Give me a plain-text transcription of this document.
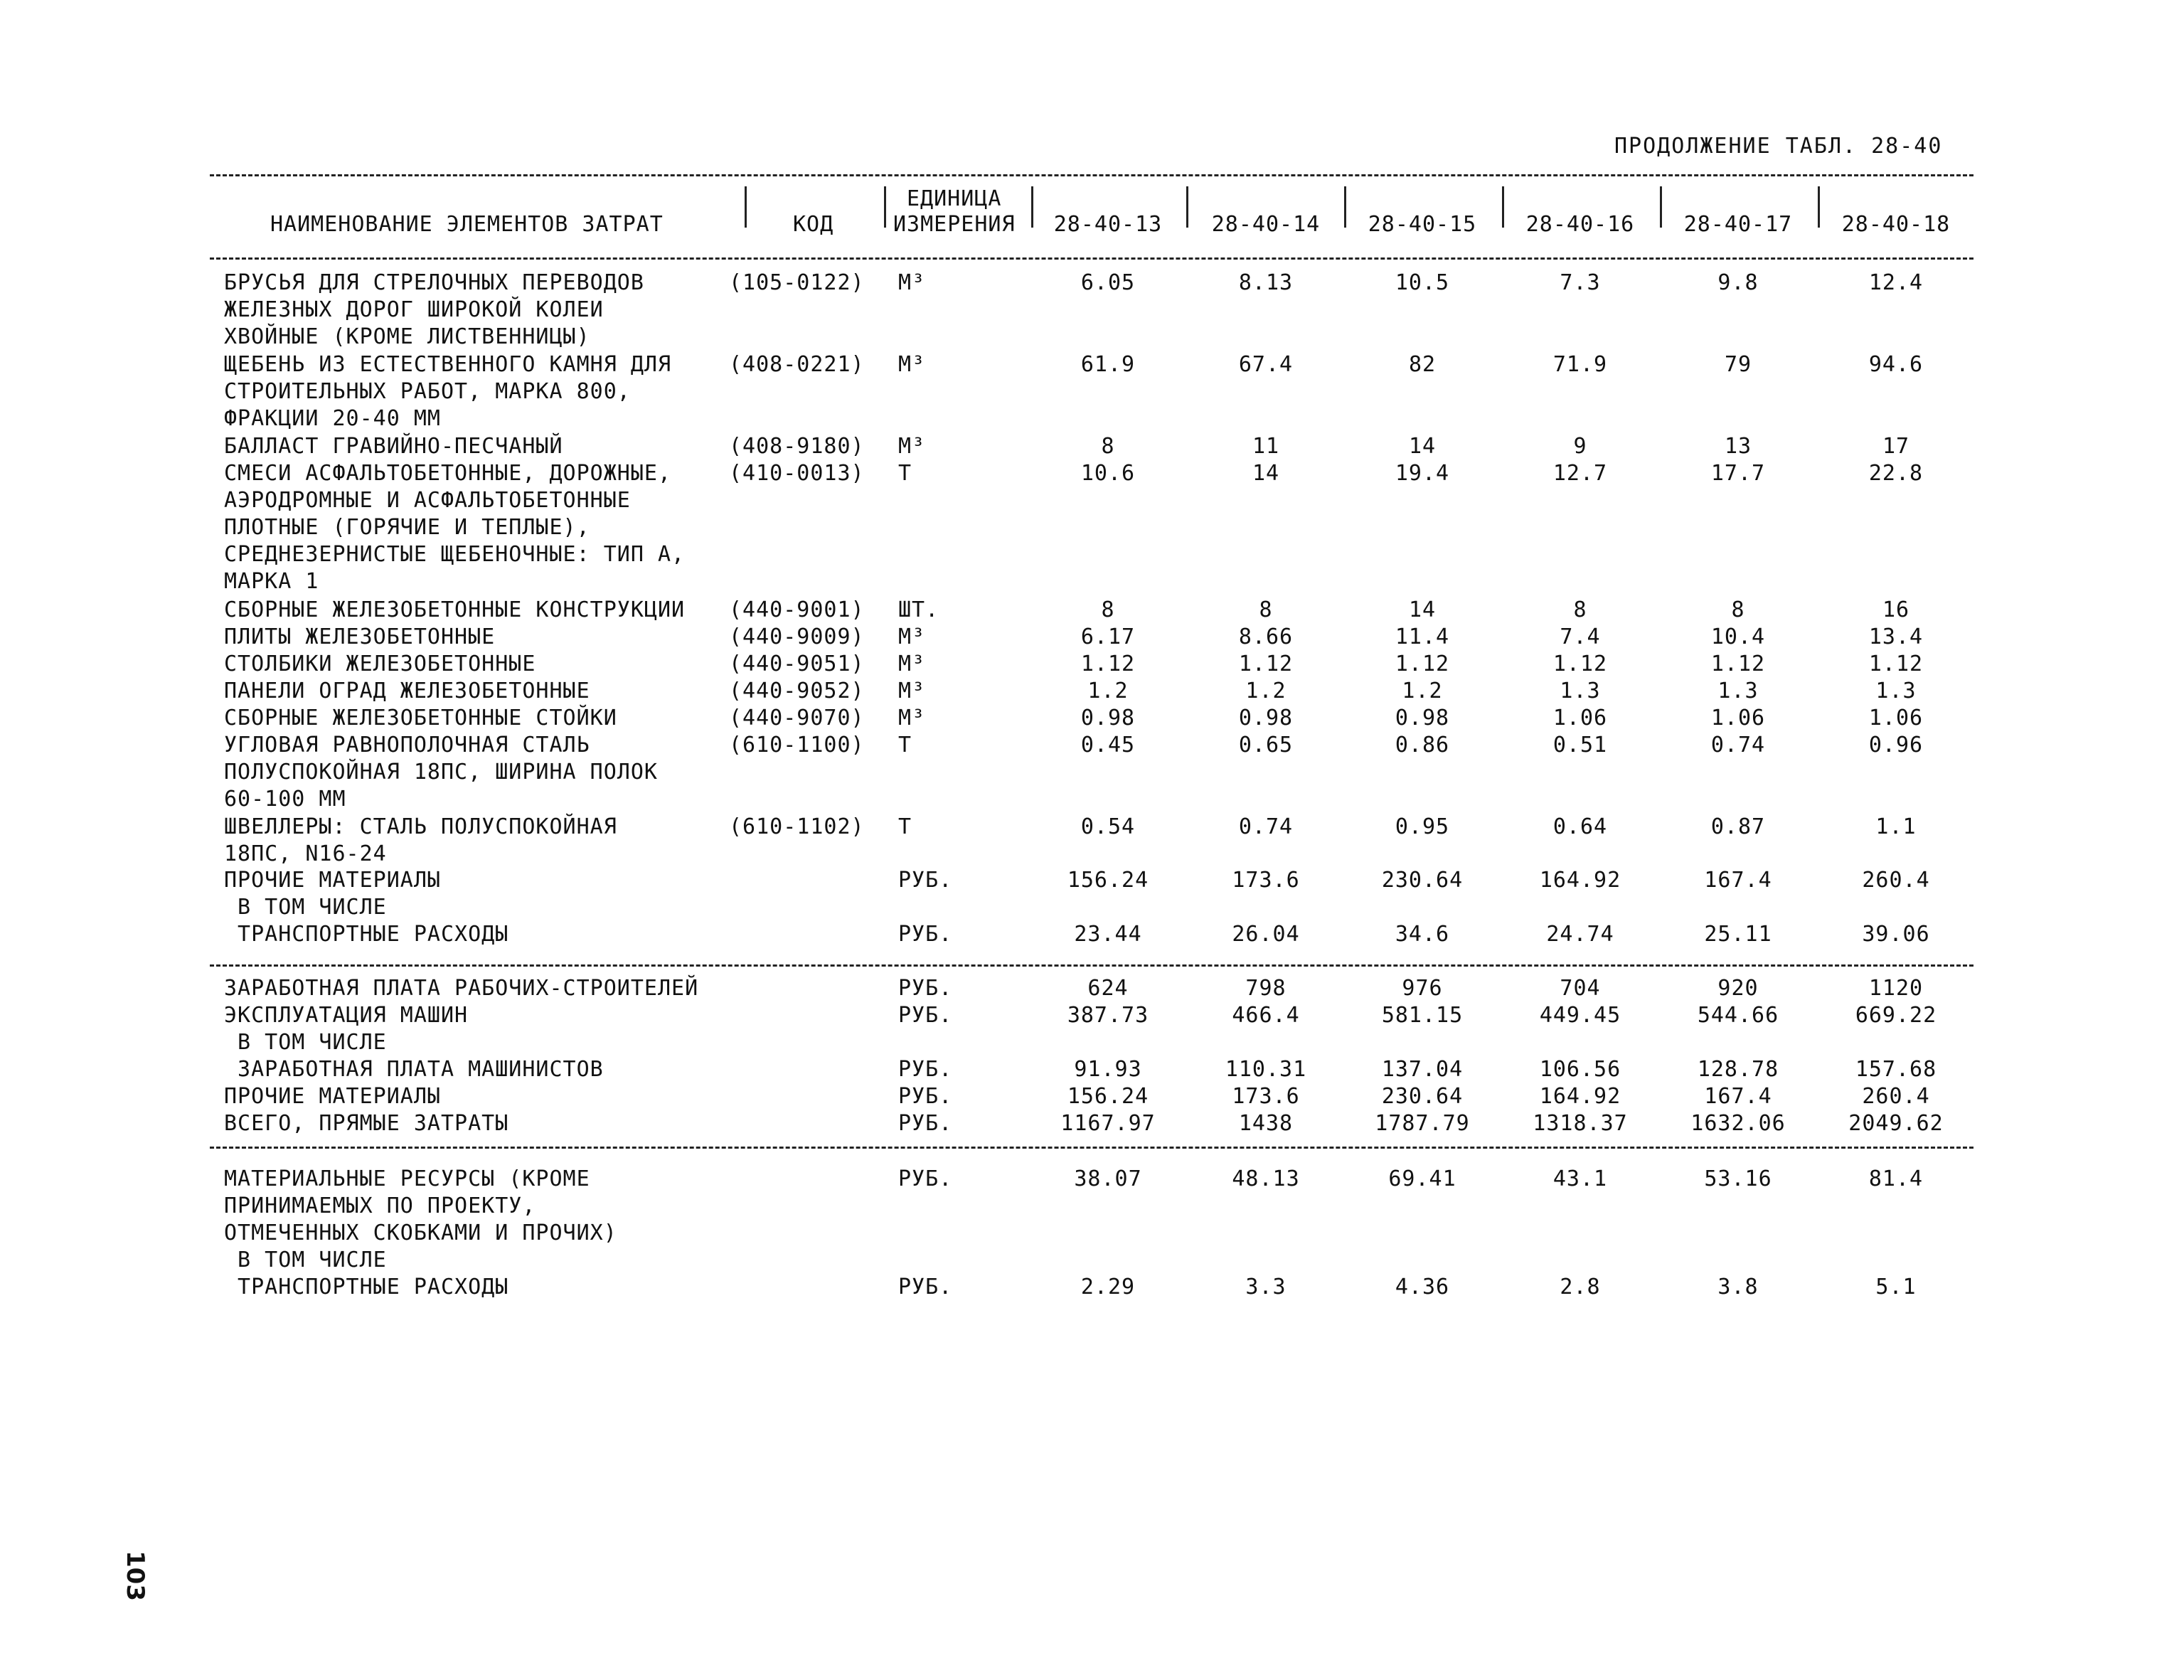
ПРОДОЛЖЕНИЕ ТАБЛ. 28-40
НАИМЕНОВАНИЕ ЭЛЕМЕНТОВ ЗАТРАТ	КОД
ЕДИНИЦА
ИЗМЕРЕНИЯ	28-40-13	28-40-14	28-40-15	28-40-16	28-40-17	28-40-18
БРУСЬЯ ДЛЯ СТРЕЛОЧНЫХ ПЕРЕВОДОВ
ЖЕЛЕЗНЫХ ДОРОГ ШИРОКОЙ КОЛЕИ
ХВОЙНЫЕ (КРОМЕ ЛИСТВЕННИЦЫ)
(105-0122) М³	6.05	8.13	10.5	7.3	9.8	12.4
ЩЕБЕНЬ ИЗ ЕСТЕСТВЕННОГО КАМНЯ ДЛЯ
СТРОИТЕЛЬНЫХ РАБОТ, МАРКА 800,
ФРАКЦИИ 20-40 ММ
(408-0221) М³	61.9	67.4	82	71.9	79	94.6
БАЛЛАСТ ГРАВИЙНО-ПЕСЧАНЫЙ	(408-9180) М³	8	11	14	9	13	17
СМЕСИ АСФАЛЬТОБЕТОННЫЕ, ДОРОЖНЫЕ,
АЭРОДРОМНЫЕ И АСФАЛЬТОБЕТОННЫЕ
ПЛОТНЫЕ (ГОРЯЧИЕ И ТЕПЛЫЕ),
СРЕДНЕЗЕРНИСТЫЕ ЩЕБЕНОЧНЫЕ: ТИП А,
МАРКА 1
(410-0013) Т	10.6	14	19.4	12.7	17.7	22.8
СБОРНЫЕ ЖЕЛЕЗОБЕТОННЫЕ КОНСТРУКЦИИ (440-9001) ШТ.	8	8	14	8	8	16
ПЛИТЫ ЖЕЛЕЗОБЕТОННЫЕ	(440-9009) М³	6.17	8.66	11.4	7.4	10.4	13.4
СТОЛБИКИ ЖЕЛЕЗОБЕТОННЫЕ	(440-9051) М³	1.12	1.12	1.12	1.12	1.12	1.12
ПАНЕЛИ ОГРАД ЖЕЛЕЗОБЕТОННЫЕ	(440-9052) М³	1.2	1.2	1.2	1.3	1.3	1.3
СБОРНЫЕ ЖЕЛЕЗОБЕТОННЫЕ СТОЙКИ	(440-9070) М³	0.98	0.98	0.98	1.06	1.06	1.06
УГЛОВАЯ РАВНОПОЛОЧНАЯ СТАЛЬ
ПОЛУСПОКОЙНАЯ 18ПС, ШИРИНА ПОЛОК
60-100 ММ
(610-1100) Т	0.45	0.65	0.86	0.51	0.74	0.96
ШВЕЛЛЕРЫ: СТАЛЬ ПОЛУСПОКОЙНАЯ
18ПС, N16-24
(610-1102) Т	0.54	0.74	0.95	0.64	0.87	1.1
ПРОЧИЕ МАТЕРИАЛЫ	РУБ.	156.24	173.6	230.64	164.92	167.4	260.4
В ТОМ ЧИСЛЕ
ТРАНСПОРТНЫЕ РАСХОДЫ	РУБ.	23.44	26.04	34.6	24.74	25.11	39.06
ЗАРАБОТНАЯ ПЛАТА РАБОЧИХ-СТРОИТЕЛЕЙ	РУБ.	624	798	976	704	920	1120
ЭКСПЛУАТАЦИЯ МАШИН	РУБ.	387.73	466.4	581.15	449.45	544.66	669.22
В ТОМ ЧИСЛЕ
ЗАРАБОТНАЯ ПЛАТА МАШИНИСТОВ	РУБ.	91.93	110.31	137.04	106.56	128.78	157.68
ПРОЧИЕ МАТЕРИАЛЫ	РУБ.	156.24	173.6	230.64	164.92	167.4	260.4
ВСЕГО, ПРЯМЫЕ ЗАТРАТЫ	РУБ.	1167.97	1438	1787.79	1318.37	1632.06	2049.62
МАТЕРИАЛЬНЫЕ РЕСУРСЫ (КРОМЕ
ПРИНИМАЕМЫХ ПО ПРОЕКТУ,
ОТМЕЧЕННЫХ СКОБКАМИ И ПРОЧИХ)
В ТОМ ЧИСЛЕ
РУБ.	38.07	48.13	69.41	43.1	53.16	81.4
ТРАНСПОРТНЫЕ РАСХОДЫ	РУБ.	2.29	3.3	4.36	2.8	3.8	5.1
103
